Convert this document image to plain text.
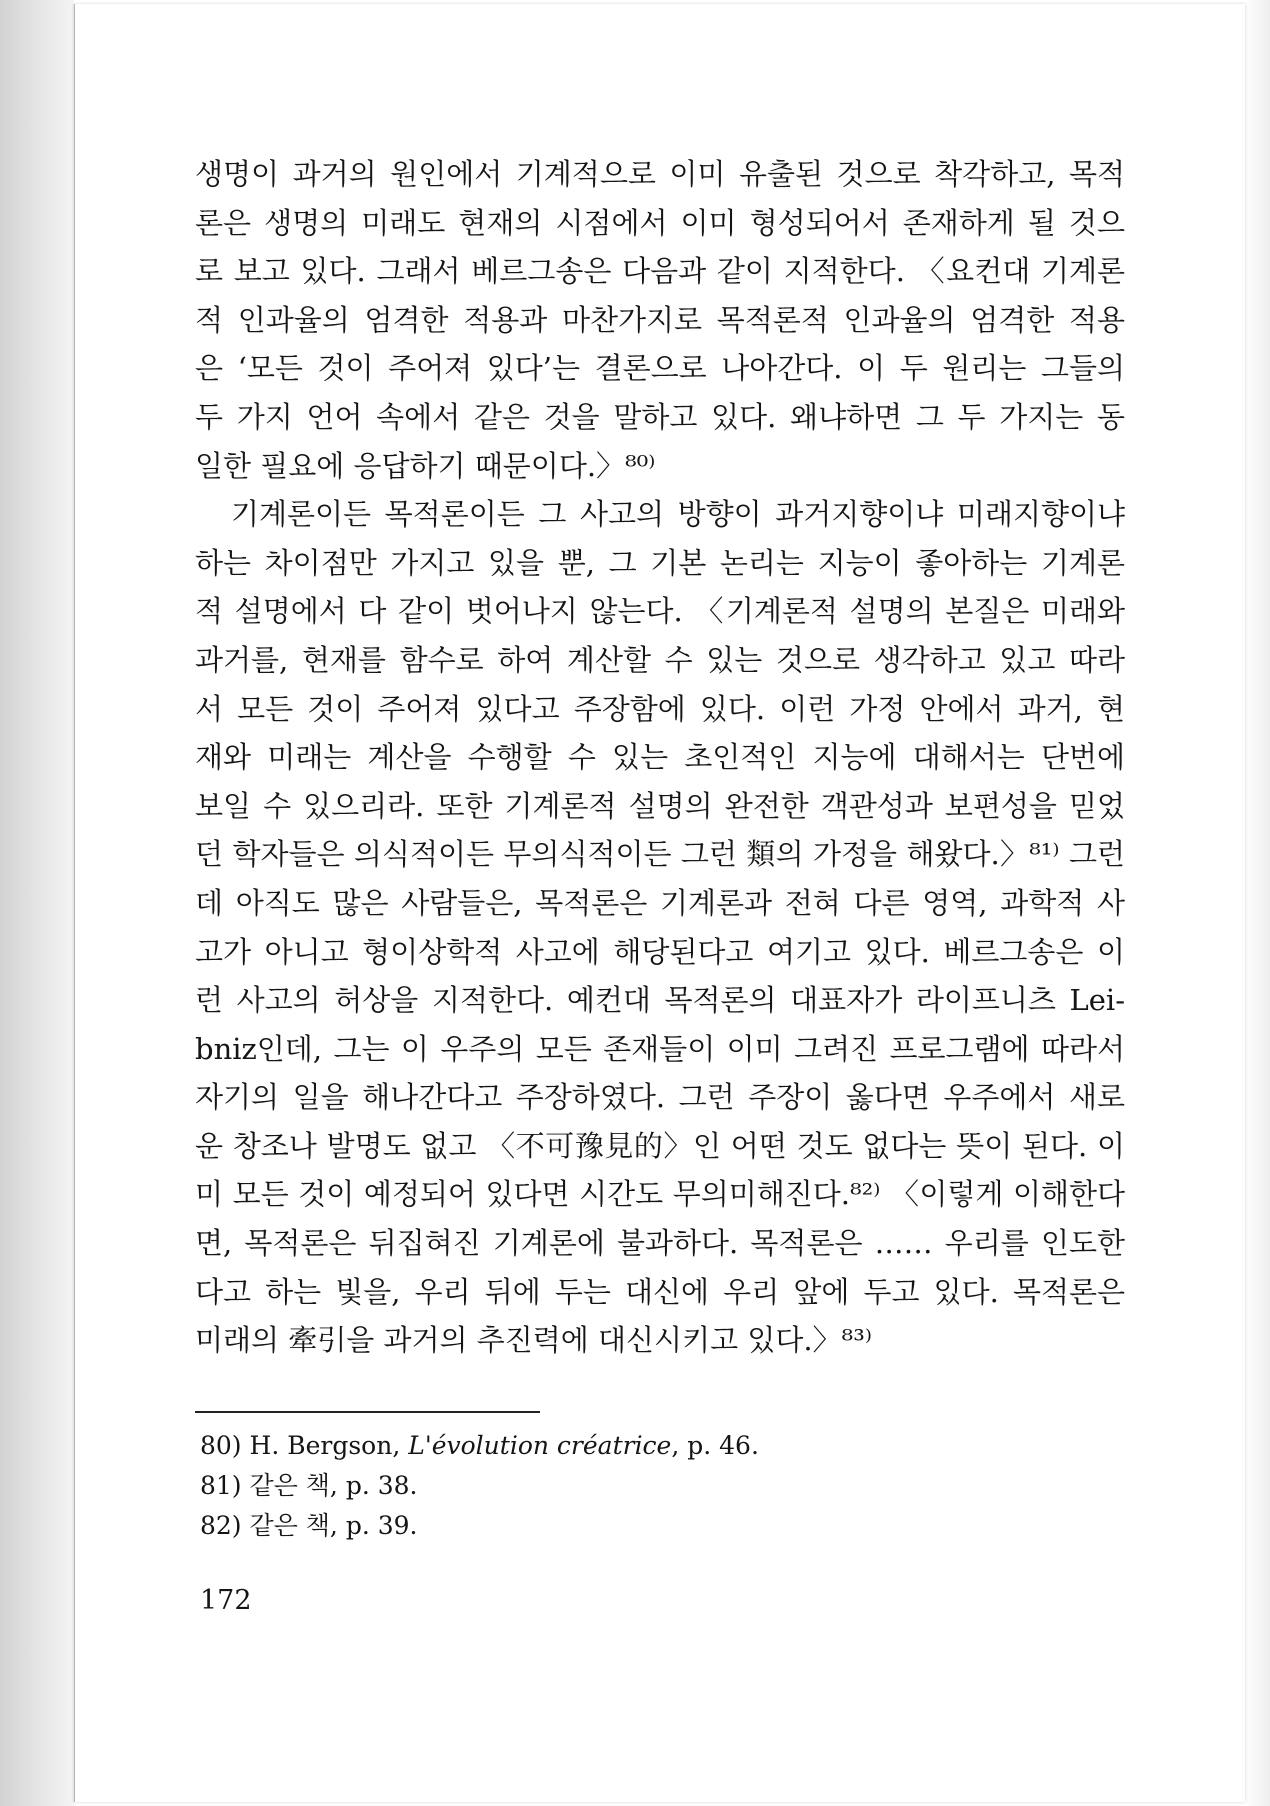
생명이 과거의 원인에서 기계적으로 이미 유출된 것으로 착각하고, 목적
론은 생명의 미래도 현재의 시점에서 이미 형성되어서 존재하게 될 것으
로 보고 있다. 그래서 베르그송은 다음과 같이 지적한다. 〈요컨대 기계론
적 인과율의 엄격한 적용과 마찬가지로 목적론적 인과율의 엄격한 적용
은 ‘모든 것이 주어져 있다’는 결론으로 나아간다. 이 두 원리는 그들의
두 가지 언어 속에서 같은 것을 말하고 있다. 왜냐하면 그 두 가지는 동
일한 필요에 응답하기 때문이다.〉⁸⁰⁾
기계론이든 목적론이든 그 사고의 방향이 과거지향이냐 미래지향이냐
하는 차이점만 가지고 있을 뿐, 그 기본 논리는 지능이 좋아하는 기계론
적 설명에서 다 같이 벗어나지 않는다. 〈기계론적 설명의 본질은 미래와
과거를, 현재를 함수로 하여 계산할 수 있는 것으로 생각하고 있고 따라
서 모든 것이 주어져 있다고 주장함에 있다. 이런 가정 안에서 과거, 현
재와 미래는 계산을 수행할 수 있는 초인적인 지능에 대해서는 단번에
보일 수 있으리라. 또한 기계론적 설명의 완전한 객관성과 보편성을 믿었
던 학자들은 의식적이든 무의식적이든 그런 類의 가정을 해왔다.〉⁸¹⁾ 그런
데 아직도 많은 사람들은, 목적론은 기계론과 전혀 다른 영역, 과학적 사
고가 아니고 형이상학적 사고에 해당된다고 여기고 있다. 베르그송은 이
런 사고의 허상을 지적한다. 예컨대 목적론의 대표자가 라이프니츠 Lei-
bniz인데, 그는 이 우주의 모든 존재들이 이미 그려진 프로그램에 따라서
자기의 일을 해나간다고 주장하였다. 그런 주장이 옳다면 우주에서 새로
운 창조나 발명도 없고 〈不可豫見的〉인 어떤 것도 없다는 뜻이 된다. 이
미 모든 것이 예정되어 있다면 시간도 무의미해진다.⁸²⁾ 〈이렇게 이해한다
면, 목적론은 뒤집혀진 기계론에 불과하다. 목적론은 …… 우리를 인도한
다고 하는 빛을, 우리 뒤에 두는 대신에 우리 앞에 두고 있다. 목적론은
미래의 牽引을 과거의 추진력에 대신시키고 있다.〉⁸³⁾
80) H. Bergson, L'évolution créatrice, p. 46.
81) 같은 책, p. 38.
82) 같은 책, p. 39.
172
